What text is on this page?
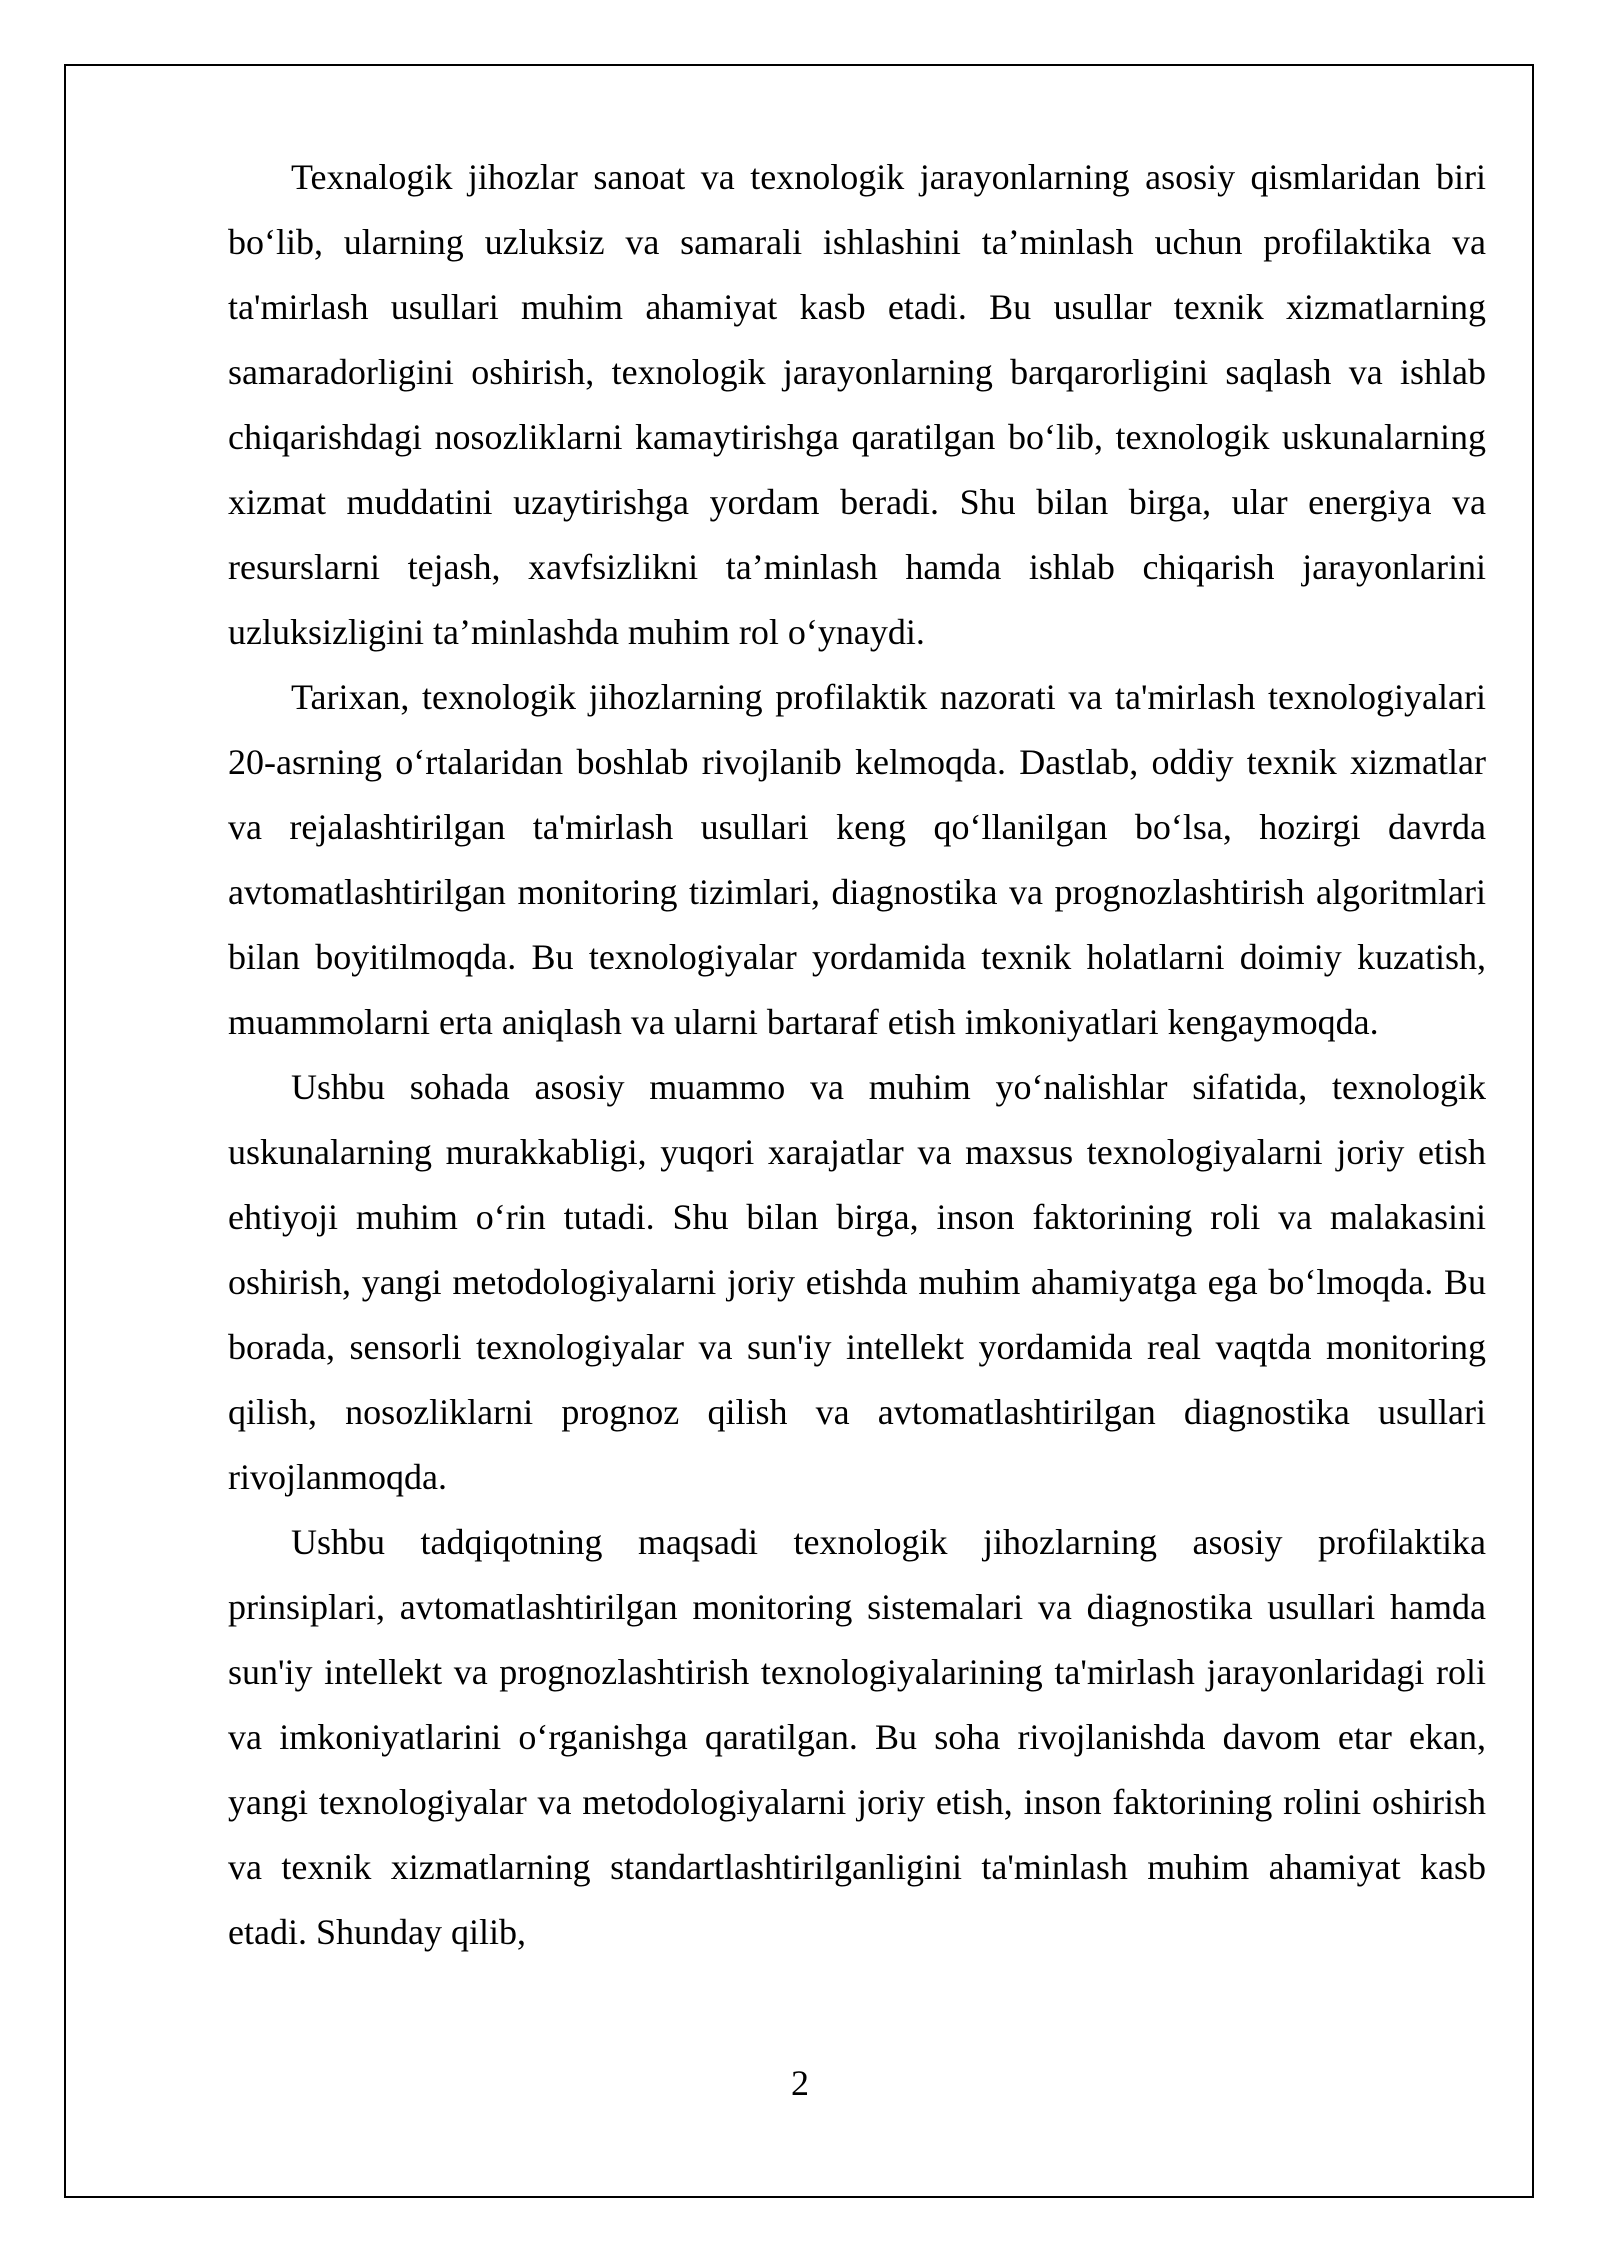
Texnalogik jihozlar sanoat va texnologik jarayonlarning asosiy qismlaridan biri bo‘lib, ularning uzluksiz va samarali ishlashini ta’minlash uchun profilaktika va ta'mirlash usullari muhim ahamiyat kasb etadi. Bu usullar texnik xizmatlarning samaradorligini oshirish, texnologik jarayonlarning barqarorligini saqlash va ishlab chiqarishdagi nosozliklarni kamaytirishga qaratilgan bo‘lib, texnologik uskunalarning xizmat muddatini uzaytirishga yordam beradi. Shu bilan birga, ular energiya va resurslarni tejash, xavfsizlikni ta’minlash hamda ishlab chiqarish jarayonlarini uzluksizligini ta’minlashda muhim rol o‘ynaydi.

Tarixan, texnologik jihozlarning profilaktik nazorati va ta'mirlash texnologiyalari 20-asrning o‘rtalaridan boshlab rivojlanib kelmoqda. Dastlab, oddiy texnik xizmatlar va rejalashtirilgan ta'mirlash usullari keng qo‘llanilgan bo‘lsa, hozirgi davrda avtomatlashtirilgan monitoring tizimlari, diagnostika va prognozlashtirish algoritmlari bilan boyitilmoqda. Bu texnologiyalar yordamida texnik holatlarni doimiy kuzatish, muammolarni erta aniqlash va ularni bartaraf etish imkoniyatlari kengaymoqda.

Ushbu sohada asosiy muammo va muhim yo‘nalishlar sifatida, texnologik uskunalarning murakkabligi, yuqori xarajatlar va maxsus texnologiyalarni joriy etish ehtiyoji muhim o‘rin tutadi. Shu bilan birga, inson faktorining roli va malakasini oshirish, yangi metodologiyalarni joriy etishda muhim ahamiyatga ega bo‘lmoqda. Bu borada, sensorli texnologiyalar va sun'iy intellekt yordamida real vaqtda monitoring qilish, nosozliklarni prognoz qilish va avtomatlashtirilgan diagnostika usullari rivojlanmoqda.

Ushbu tadqiqotning maqsadi texnologik jihozlarning asosiy profilaktika prinsiplari, avtomatlashtirilgan monitoring sistemalari va diagnostika usullari hamda sun'iy intellekt va prognozlashtirish texnologiyalarining ta'mirlash jarayonlaridagi roli va imkoniyatlarini o‘rganishga qaratilgan. Bu soha rivojlanishda davom etar ekan, yangi texnologiyalar va metodologiyalarni joriy etish, inson faktorining rolini oshirish va texnik xizmatlarning standartlashtirilganligini ta'minlash muhim ahamiyat kasb etadi. Shunday qilib,

2
